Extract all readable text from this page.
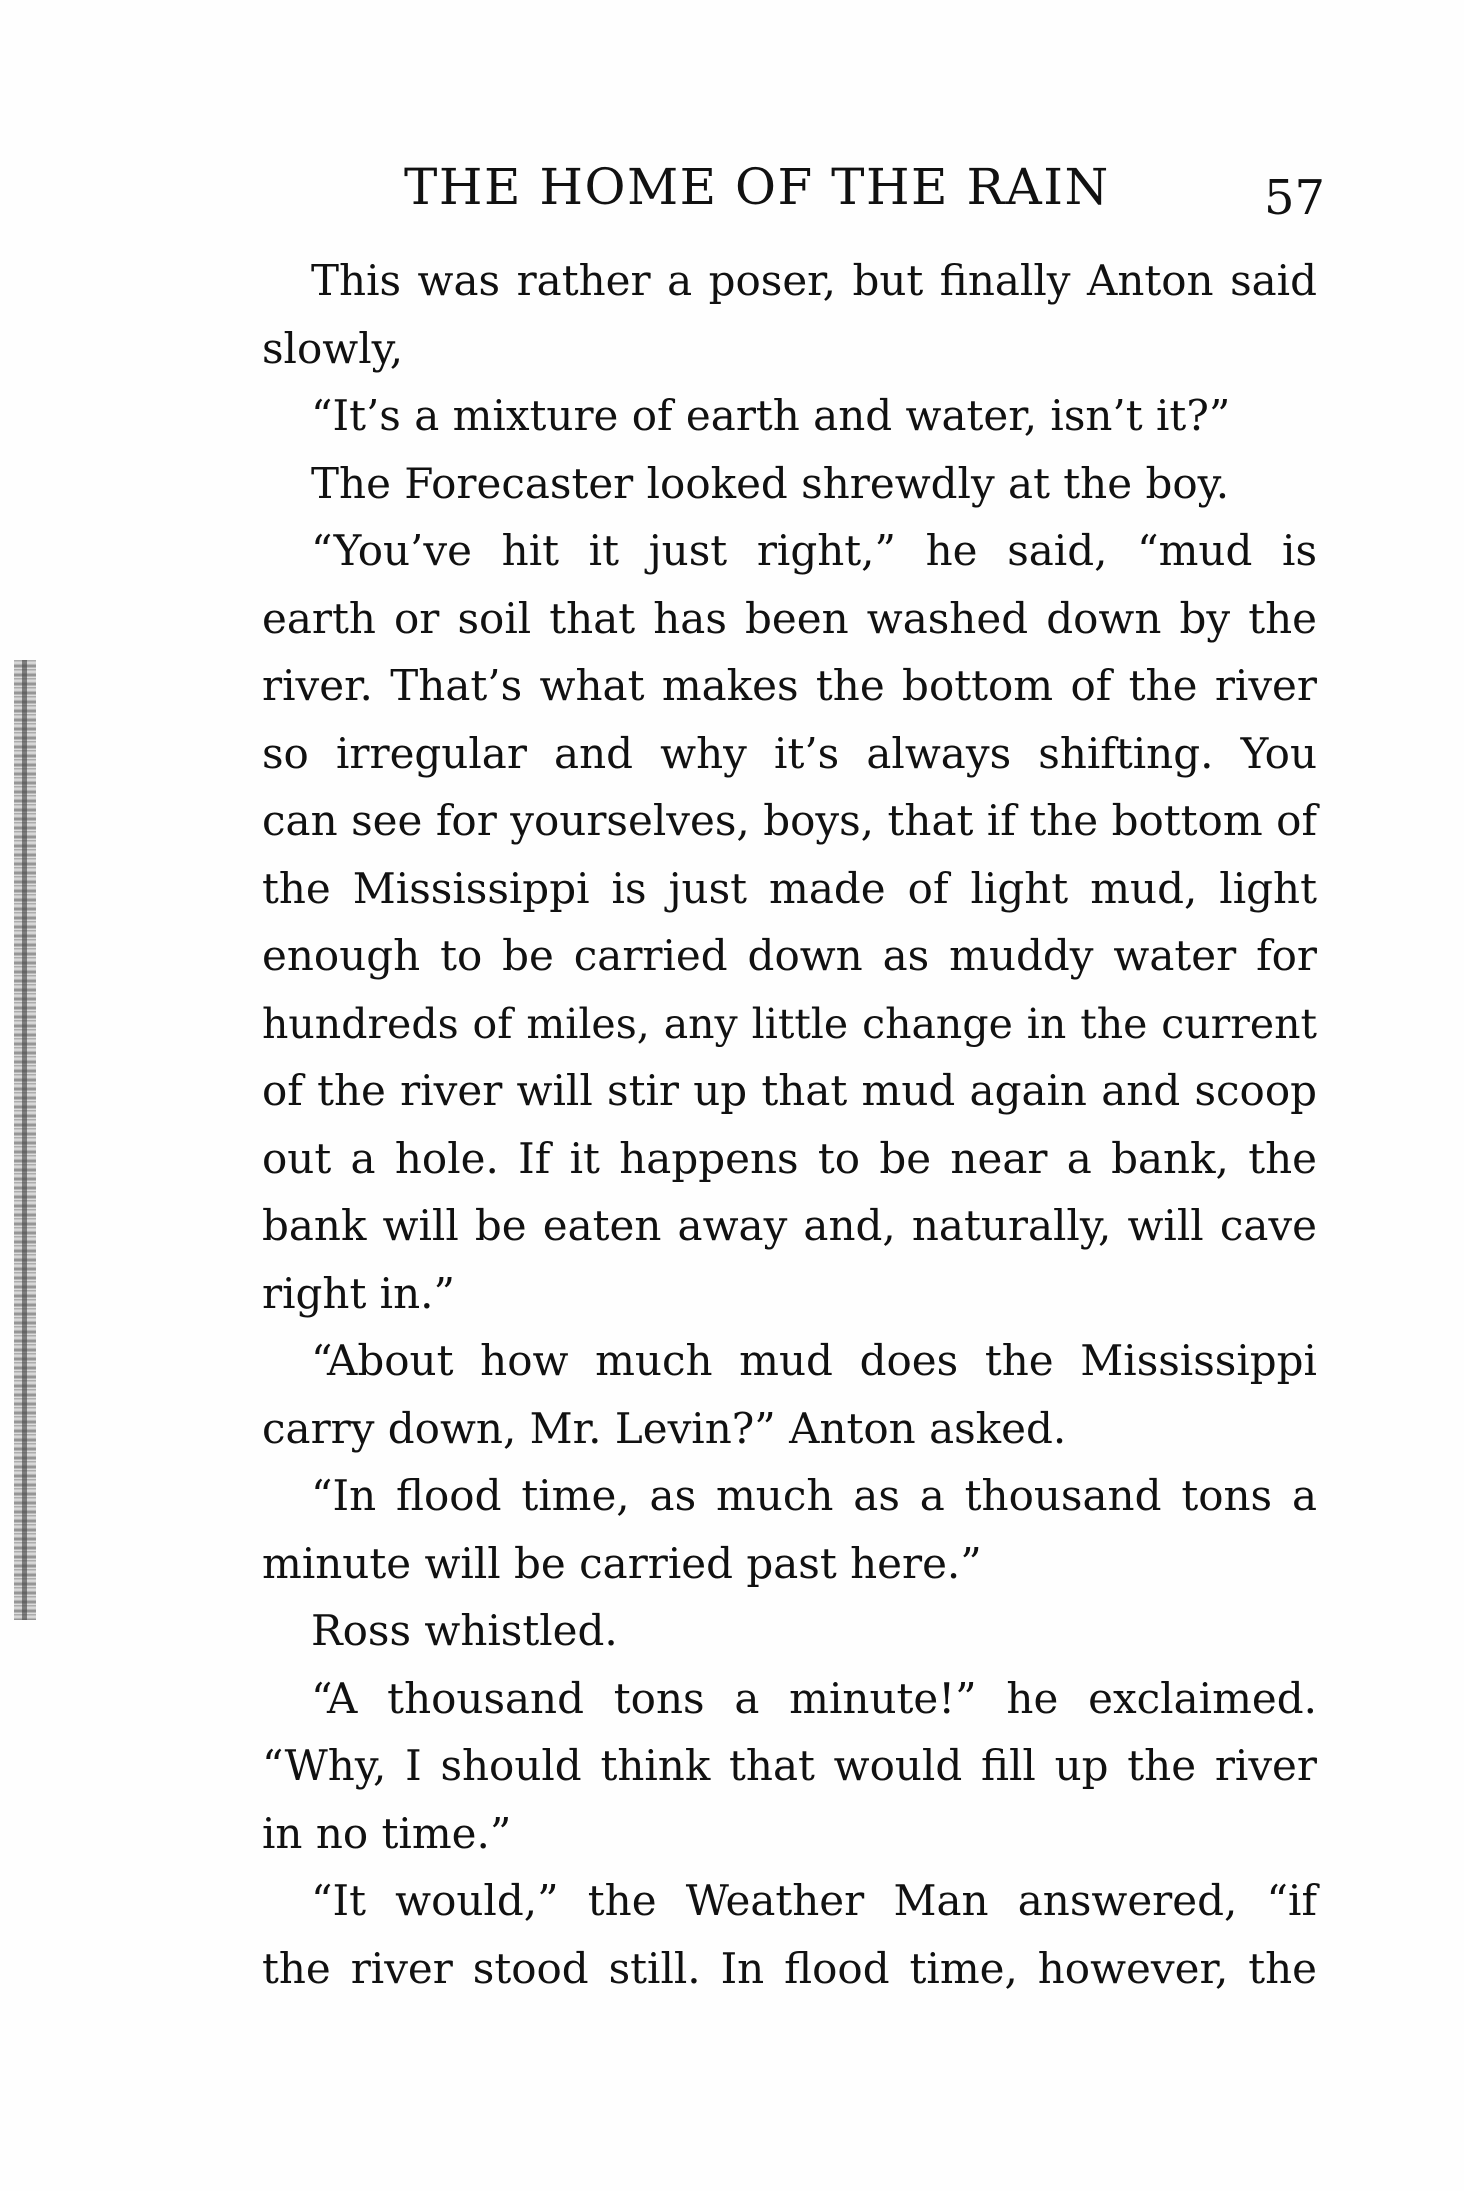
THE HOME OF THE RAIN	57
This was rather a poser, but finally Anton said
slowly,
“It’s a mixture of earth and water, isn’t it?”
The Forecaster looked shrewdly at the boy.
“You’ve hit it just right,” he said, “mud is
earth or soil that has been washed down by the
river. That’s what makes the bottom of the river
so irregular and why it’s always shifting. You
can see for yourselves, boys, that if the bottom of
the Mississippi is just made of light mud, light
enough to be carried down as muddy water for
hundreds of miles, any little change in the current
of the river will stir up that mud again and scoop
out a hole. If it happens to be near a bank, the
bank will be eaten away and, naturally, will cave
right in.”
“About how much mud does the Mississippi
carry down, Mr. Levin?” Anton asked.
“In flood time, as much as a thousand tons a
minute will be carried past here.”
Ross whistled.
“A thousand tons a minute!” he exclaimed.
“Why, I should think that would fill up the river
in no time.”
“It would,” the Weather Man answered, “if
the river stood still. In flood time, however, the
